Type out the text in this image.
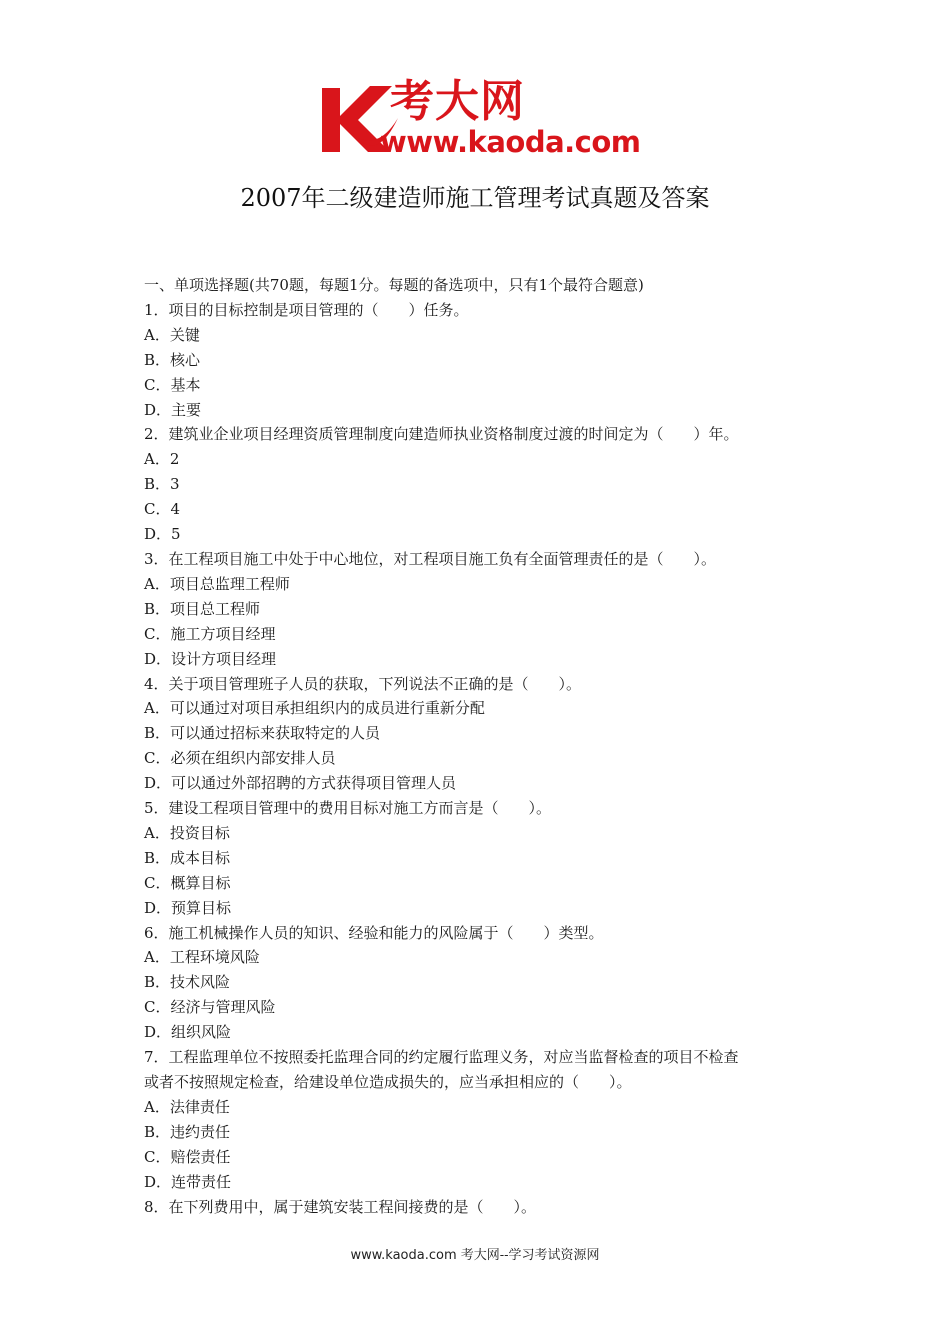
考大网
www.kaoda.com
2007年二级建造师施工管理考试真题及答案
一、单项选择题(共70题，每题1分。每题的备选项中，只有1个最符合题意)
1．项目的目标控制是项目管理的（　　）任务。
A．关键
B．核心
C．基本
D．主要
2．建筑业企业项目经理资质管理制度向建造师执业资格制度过渡的时间定为（　　）年。
A．2
B．3
C．4
D．5
3．在工程项目施工中处于中心地位，对工程项目施工负有全面管理责任的是（　　）。
A．项目总监理工程师
B．项目总工程师
C．施工方项目经理
D．设计方项目经理
4．关于项目管理班子人员的获取，下列说法不正确的是（　　）。
A．可以通过对项目承担组织内的成员进行重新分配
B．可以通过招标来获取特定的人员
C．必须在组织内部安排人员
D．可以通过外部招聘的方式获得项目管理人员
5．建设工程项目管理中的费用目标对施工方而言是（　　）。
A．投资目标
B．成本目标
C．概算目标
D．预算目标
6．施工机械操作人员的知识、经验和能力的风险属于（　　）类型。
A．工程环境风险
B．技术风险
C．经济与管理风险
D．组织风险
7．工程监理单位不按照委托监理合同的约定履行监理义务，对应当监督检查的项目不检查
或者不按照规定检查，给建设单位造成损失的，应当承担相应的（　　）。
A．法律责任
B．违约责任
C．赔偿责任
D．连带责任
8．在下列费用中，属于建筑安装工程间接费的是（　　）。
www.kaoda.com 考大网--学习考试资源网
